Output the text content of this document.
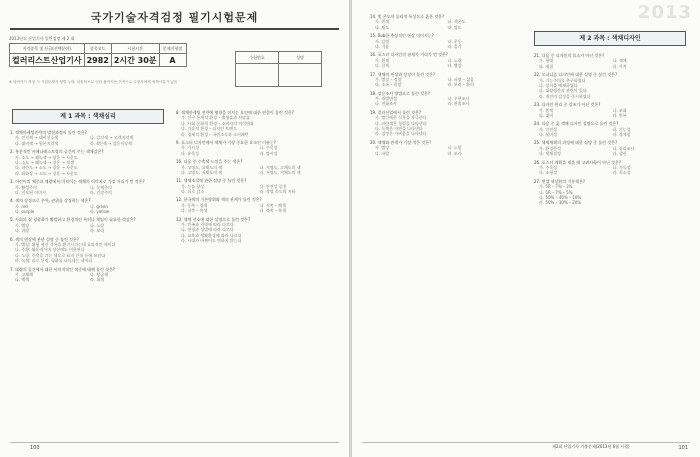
국가기술자격검정 필기시험문제
2013년도 산업기사 일반검정 제 2 회
자격종목 및 등급(선택분야)	종목코드	시험시간	문제지형별
컬러리스트산업기사	2982	2시간 30분	A	수험번호	성명

※ 답안카드 작성 시 시험문제지 형별 누락, 마킹착오로 인한 불이익은 전적으로 수험자에게 귀책사유가 있음
제 1 과목 : 색채심리
1. 색채마케팅전략의 발전과정이 틀린 것은?
가. 인지색 → 대비선호색	나. 감각색 → 고객지각색
다. 대비색 → 원본지각색	라. 4인색 → 감동지각색
2. 흥분적인 카페나레스토랑의 공간이 주는 색채감은?
가. 소도 → 쾌녹색 → 장운 → 사운도
나. 소도 → 쾌녹색 → 장운 → 적색
다. 파란도 → 소도 → 장운 → 사운도
라. 좌화상 → 소도 → 장운 → 사운도
3. 어린이의 체중과 채광에서 마치어는 색채의 이미지로 가장 거리가 먼 것은?
가. 활성주의	나. 녹색주의
다. 진보된 이미지	라. 건강주의
4. 색의 상징으로 우아, 권위를 상징하는 색은?
가. red	나. green
다. purple	라. yellow
5. 사회의 질 경향화가 활발하고 환경적인 특히나 책임이 필요한 색상은?
가. 빨강	나. 노랑
다. 파랑	라. 보라
6. 색의 연상에 관한 설명 중 틀린 것은?
가. 빨강: 위험 혁신 식욕을 환기시키는데 효과적인 색이다
나. 주황: 활동적이며 장신에도 이용된다
다. 노랑: 주목을 끄는 색으로 표지 안내 등에 쓰인다
라. 녹색: 피로 안정, 평화를 나타내는 색이다
7. 대량의 공간에서 대한 이미지적인 색중에 대해 틀린 것은?
가. 고채색	나. 황금색
다. 백색	라. 회색
8. 색채마케팅 전략에 영향을 미치는 요인에 대한 연결이 틀린 것은?
가. 인구 통계적 환경 – 출생률과 사망률
나. 사회 문화적 환경 – 소비자의 의식변화
다. 기술적 환경 – 디자인 트렌드
라. 경제적 환경 – 국민소득과 소비패턴
9. 포스터 디자인에서 색채가 가장 중요한 요소인 이유는?
가. 가시성	나. 주목성
다. 유목성	라. 명시성
10. 다음 중 수축색 느낌을 주는 색은?
가. 고명도, 고채도의 색	나. 저명도, 고채도의 색
다. 고명도, 저채도의 색	라. 저명도, 저채도의 색
11. 색채조절에 관한 설명 중 틀린 것은?
가. 능률 향상	나. 안전성 증진
다. 피로 감소	라. 작업 속도의 저하
12. 한국색의 기본방위와 색의 관계가 틀린 것은?
가. 동쪽 – 청색	나. 서쪽 – 백색
다. 남쪽 – 흑색	라. 북쪽 – 흑색
13. 색채 선호에 대한 설명으로 틀린 것은?
가. 민족과 지역에 따라 다르다
나. 연령과 성별에 따라 다르다
다. 교육과 생활환경에 따라 다르다
라. 시대가 바뀌어도 변하지 않는다
100
2013
14. 빛 온도의 물리적 특성으로 옳은 것은?
가. 흰색	나. 색온도
다. 채도	라. 명도
15. Sub한 추상적인 연상 이미지는?
가. 감정	나. 운동
다. 기품	라. 휴식
16. 포스터 디자인의 관계가 거리가 먼 것은?
가. 흰색	나. 노랑
다. 갈색	라. 빨강
17. 색채의 연상과 상징이 틀린 것은?
가. 빨강 – 정열	나. 파랑 – 젊음
다. 초록 – 희망	라. 보라 – 환희
18. 설문조사 방법으로 틀린 것은?
가. 개별면접	나. 우편조사
다. 전화조사	라. 관찰조사
19. 컬러산업에서 틀린 것은?
가. 빨간색은 식욕을 자극한다
나. 파란색은 청결을 나타낸다
다. 녹색은 자연을 나타낸다
라. 검정은 가벼움을 나타낸다
20. 색채와 관계가 가장 적은 것은?
가. 빨강	나. 노랑
다. 파랑	라. 보라
제 2 과목 : 색채디자인
21. 다음 중 디자인의 요소가 아닌 것은?
가. 형태	나. 색채
다. 재질	라. 가격
22. 모더니즘 디자인에 대한 설명 중 틀린 것은?
가. 기능주의를 추구하였다
나. 장식을 배제하였다
다. 대량생산과 관련이 있다
라. 개인의 감성을 중시하였다
23. 디자인 원리 중 강조가 아닌 것은?
가. 흰색	나. 조화
다. 대비	라. 반복
24. 다음 중 옳 색채 디자인 설명으로 틀린 것은?
가. 안전성	나. 기능성
다. 심미성	라. 경제성
25. 색채계획의 과정에 대한 설명 중 틀린 것은?
가. 환경분석	나. 심리조사
다. 색채결정	라. 생산
26. 포스터 계획을 세울 때 고려사항이 아닌 것은?
가. 주목성	나. 가독성
다. 조형성	라. 희소성
27. 먼셀 색상환의 기본색은?
가. 5R – 7% – 3%
나. 5R – 7% – 5%
다. 50% – 40% – 10%
라. 50% – 30% – 20%
제2회 산업기사 기출문제(2013년 6월 시행)	101
